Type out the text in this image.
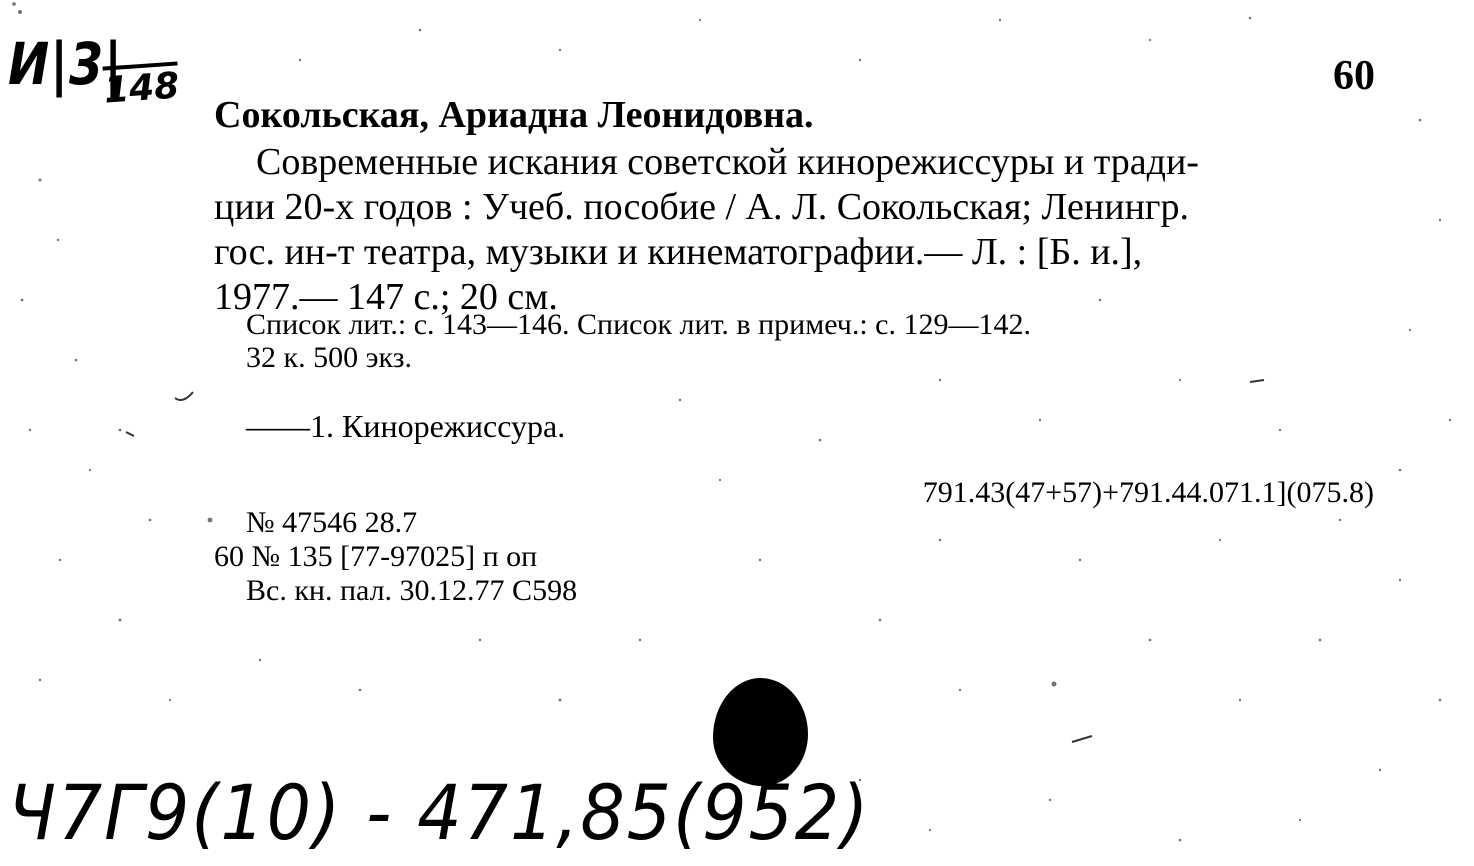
И|3|
148	60
Сокольская, Ариадна Леонидовна.
Современные искания советской кинорежиссуры и тради-
ции 20-х годов : Учеб. пособие / А. Л. Сокольская; Ленингр.
гос. ин-т театра, музыки и кинематографии.— Л. : [Б. и.],
1977.— 147 с.; 20 см.
Список лит.: с. 143—146. Список лит. в примеч.: с. 129—142.
32 к. 500 экз.
——1. Кинорежиссура.
791.43(47+57)+791.44.071.1](075.8)
№ 47546 28.7
60 № 135 [77-97025] п оп
Вс. кн. пал. 30.12.77 С598
Ч7Г9(10) - 471,85(952)
